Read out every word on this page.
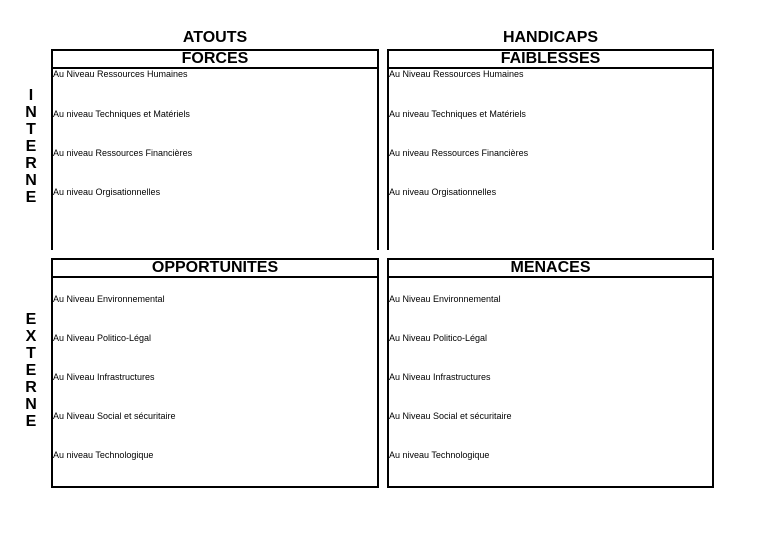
ATOUTS	HANDICAPS
I
N
T
E
R
N
E
E
X
T
E
R
N
E
FORCES
Au Niveau Ressources Humaines
Au niveau Techniques et Matériels
Au niveau Ressources Financières
Au niveau Orgisationnelles
FAIBLESSES
Au Niveau Ressources Humaines
Au niveau Techniques et Matériels
Au niveau Ressources Financières
Au niveau Orgisationnelles
OPPORTUNITES
Au Niveau Environnemental
Au Niveau Politico-Légal
Au Niveau Infrastructures
Au Niveau Social et sécuritaire
Au niveau Technologique
MENACES
Au Niveau Environnemental
Au Niveau Politico-Légal
Au Niveau Infrastructures
Au Niveau Social et sécuritaire
Au niveau Technologique
